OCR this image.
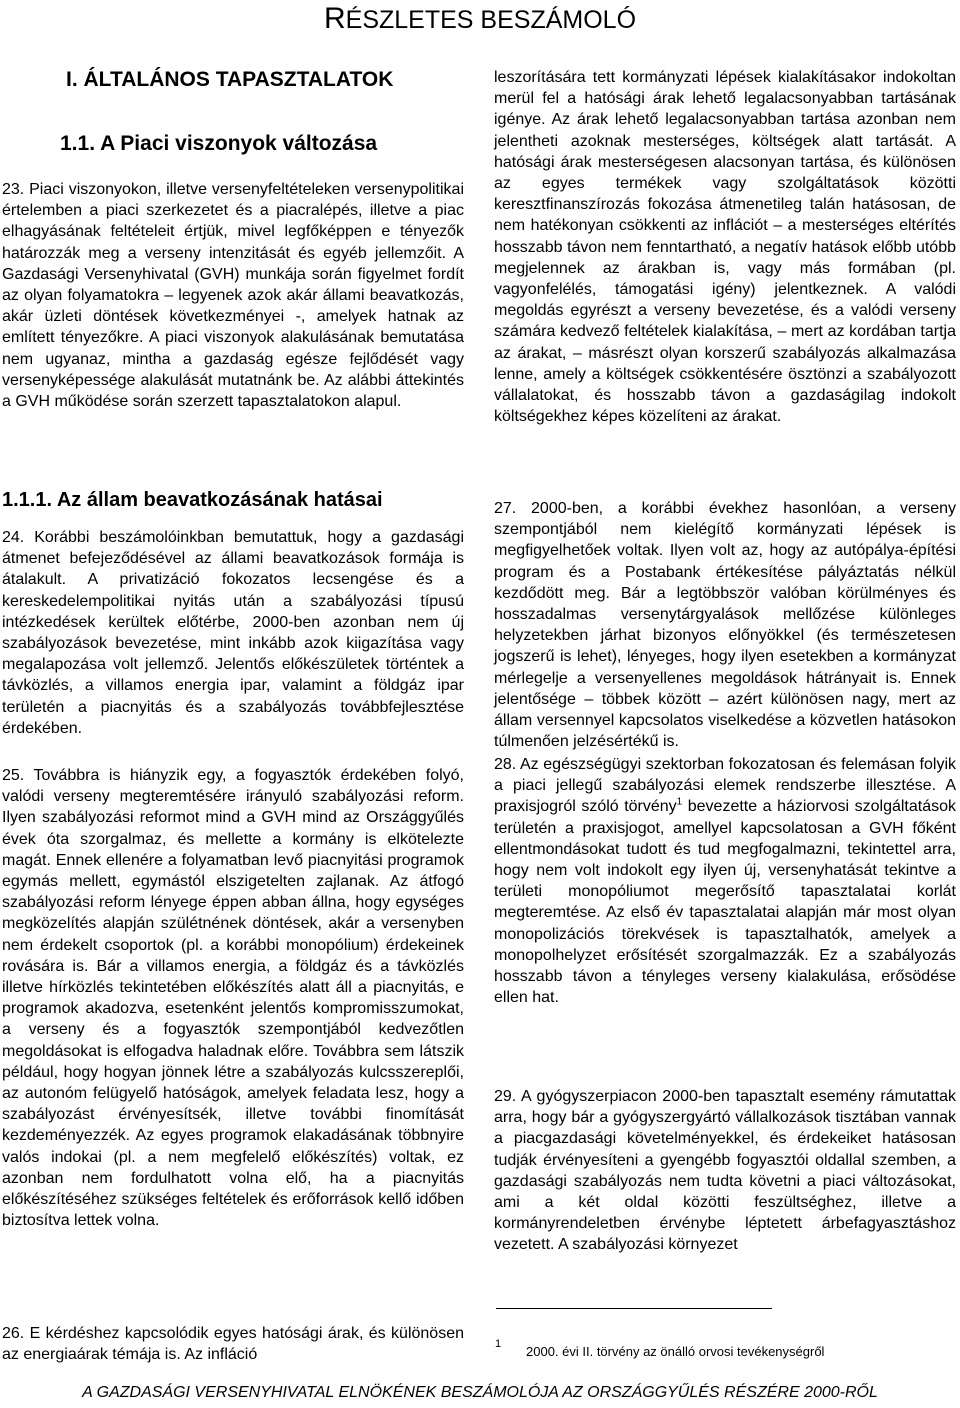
RÉSZLETES BESZÁMOLÓ
I. ÁLTALÁNOS TAPASZTALATOK
1.1. A Piaci viszonyok változása

23. Piaci viszonyokon, illetve versenyfeltételeken versenypolitikai értelemben a piaci szerkezetet és a piacralépés, illetve a piac elhagyásának feltételeit értjük, mivel legfőképpen e tényezők határozzák meg a verseny intenzitását és egyéb jellemzőit. A Gazdasági Versenyhivatal (GVH) munkája során figyelmet fordít az olyan folyamatokra – legyenek azok akár állami beavatkozás, akár üzleti döntések következményei -, amelyek hatnak az említett tényezőkre. A piaci viszonyok alakulásának bemutatása nem ugyanaz, mintha a gazdaság egésze fejlődését vagy versenyképessége alakulását mutatnánk be. Az alábbi áttekintés a GVH működése során szerzett tapasztalatokon alapul.

1.1.1. Az állam beavatkozásának hatásai

24. Korábbi beszámolóinkban bemutattuk, hogy a gazdasági átmenet befejeződésével az állami beavatkozások formája is átalakult. A privatizáció fokozatos lecsengése és a kereskedelempolitikai nyitás után a szabályozási típusú intézkedések kerültek előtérbe, 2000-ben azonban nem új szabályozások bevezetése, mint inkább azok kiigazítása vagy megalapozása volt jellemző. Jelentős előkészületek történtek a távközlés, a villamos energia ipar, valamint a földgáz ipar területén a piacnyitás és a szabályozás továbbfejlesztése érdekében.

25. Továbbra is hiányzik egy, a fogyasztók érdekében folyó, valódi verseny megteremtésére irányuló szabályozási reform. Ilyen szabályozási reformot mind a GVH mind az Országgyűlés évek óta szorgalmaz, és mellette a kormány is elkötelezte magát. Ennek ellenére a folyamatban levő piacnyitási programok egymás mellett, egymástól elszigetelten zajlanak. Az átfogó szabályozási reform lényege éppen abban állna, hogy egységes megközelítés alapján szülétnének döntések, akár a versenyben nem érdekelt csoportok (pl. a korábbi monopólium) érdekeinek rovására is. Bár a villamos energia, a földgáz és a távközlés illetve hírközlés tekintetében előkészítés alatt áll a piacnyitás, e programok akadozva, esetenként jelentős kompromisszumokat, a verseny és a fogyasztók szempontjából kedvezőtlen megoldásokat is elfogadva haladnak előre. Továbbra sem látszik például, hogy hogyan jönnek létre a szabályozás kulcsszereplői, az autonóm felügyelő hatóságok, amelyek feladata lesz, hogy a szabályozást érvényesítsék, illetve további finomítását kezdeményezzék. Az egyes programok elakadásának többnyire valós indokai (pl. a nem megfelelő előkészítés) voltak, ez azonban nem fordulhatott volna elő, ha a piacnyitás előkészítéséhez szükséges feltételek és erőforrások kellő időben biztosítva lettek volna.

26. E kérdéshez kapcsolódik egyes hatósági árak, és különösen az energiaárak témája is. Az infláció

leszorítására tett kormányzati lépések kialakításakor indokoltan merül fel a hatósági árak lehető legalacsonyabban tartásának igénye. Az árak lehető legalacsonyabban tartása azonban nem jelentheti azoknak mesterséges, költségek alatt tartását. A hatósági árak mesterségesen alacsonyan tartása, és különösen az egyes termékek vagy szolgáltatások közötti keresztfinanszírozás fokozása átmenetileg talán hatásosan, de nem hatékonyan csökkenti az inflációt – a mesterséges eltérítés hosszabb távon nem fenntartható, a negatív hatások előbb utóbb megjelennek az árakban is, vagy más formában (pl. vagyonfelélés, támogatási igény) jelentkeznek. A valódi megoldás egyrészt a verseny bevezetése, és a valódi verseny számára kedvező feltételek kialakítása, – mert az kordában tartja az árakat, – másrészt olyan korszerű szabályozás alkalmazása lenne, amely a költségek csökkentésére ösztönzi a szabályozott vállalatokat, és hosszabb távon a gazdaságilag indokolt költségekhez képes közelíteni az árakat.

27. 2000-ben, a korábbi évekhez hasonlóan, a verseny szempontjából nem kielégítő kormányzati lépések is megfigyelhetőek voltak. Ilyen volt az, hogy az autópálya-építési program és a Postabank értékesítése pályáztatás nélkül kezdődött meg. Bár a legtöbbször valóban körülményes és hosszadalmas versenytárgyalások mellőzése különleges helyzetekben járhat bizonyos előnyökkel (és természetesen jogszerű is lehet), lényeges, hogy ilyen esetekben a kormányzat mérlegelje a versenyellenes megoldások hátrányait is. Ennek jelentősége – többek között – azért különösen nagy, mert az állam versennyel kapcsolatos viselkedése a közvetlen hatásokon túlmenően jelzésértékű is.

28. Az egészségügyi szektorban fokozatosan és felemásan folyik a piaci jellegű szabályozási elemek rendszerbe illesztése. A praxisjogról szóló törvény$^1$ bevezette a háziorvosi szolgáltatások területén a praxisjogot, amellyel kapcsolatosan a GVH főként ellentmondásokat tudott és tud megfogalmazni, tekintettel arra, hogy nem volt indokolt egy ilyen új, versenyhatását tekintve a területi monopóliumot megerősítő tapasztalatai korlát megteremtése. Az első év tapasztalatai alapján már most olyan monopolizációs törekvések is tapasztalhatók, amelyek a monopolhelyzet erősítését szorgalmazzák. Ez a szabályozás hosszabb távon a tényleges verseny kialakulása, erősödése ellen hat.

29. A gyógyszerpiacon 2000-ben tapasztalt esemény rámutattak arra, hogy bár a gyógyszergyártó vállalkozások tisztában vannak a piacgazdasági követelményekkel, és érdekeiket hatásosan tudják érvényesíteni a gyengébb fogyasztói oldallal szemben, a gazdasági szabályozás nem tudta követni a piaci változásokat, ami a két oldal közötti feszültséghez, illetve a kormányrendeletben érvénybe léptetett árbefagyasztáshoz vezetett. A szabályozási környezet

1 2000. évi II. törvény az önálló orvosi tevékenységről
A GAZDASÁGI VERSENYHIVATAL ELNÖKÉNEK BESZÁMOLÓJA AZ ORSZÁGGYŰLÉS RÉSZÉRE 2000-RŐL
